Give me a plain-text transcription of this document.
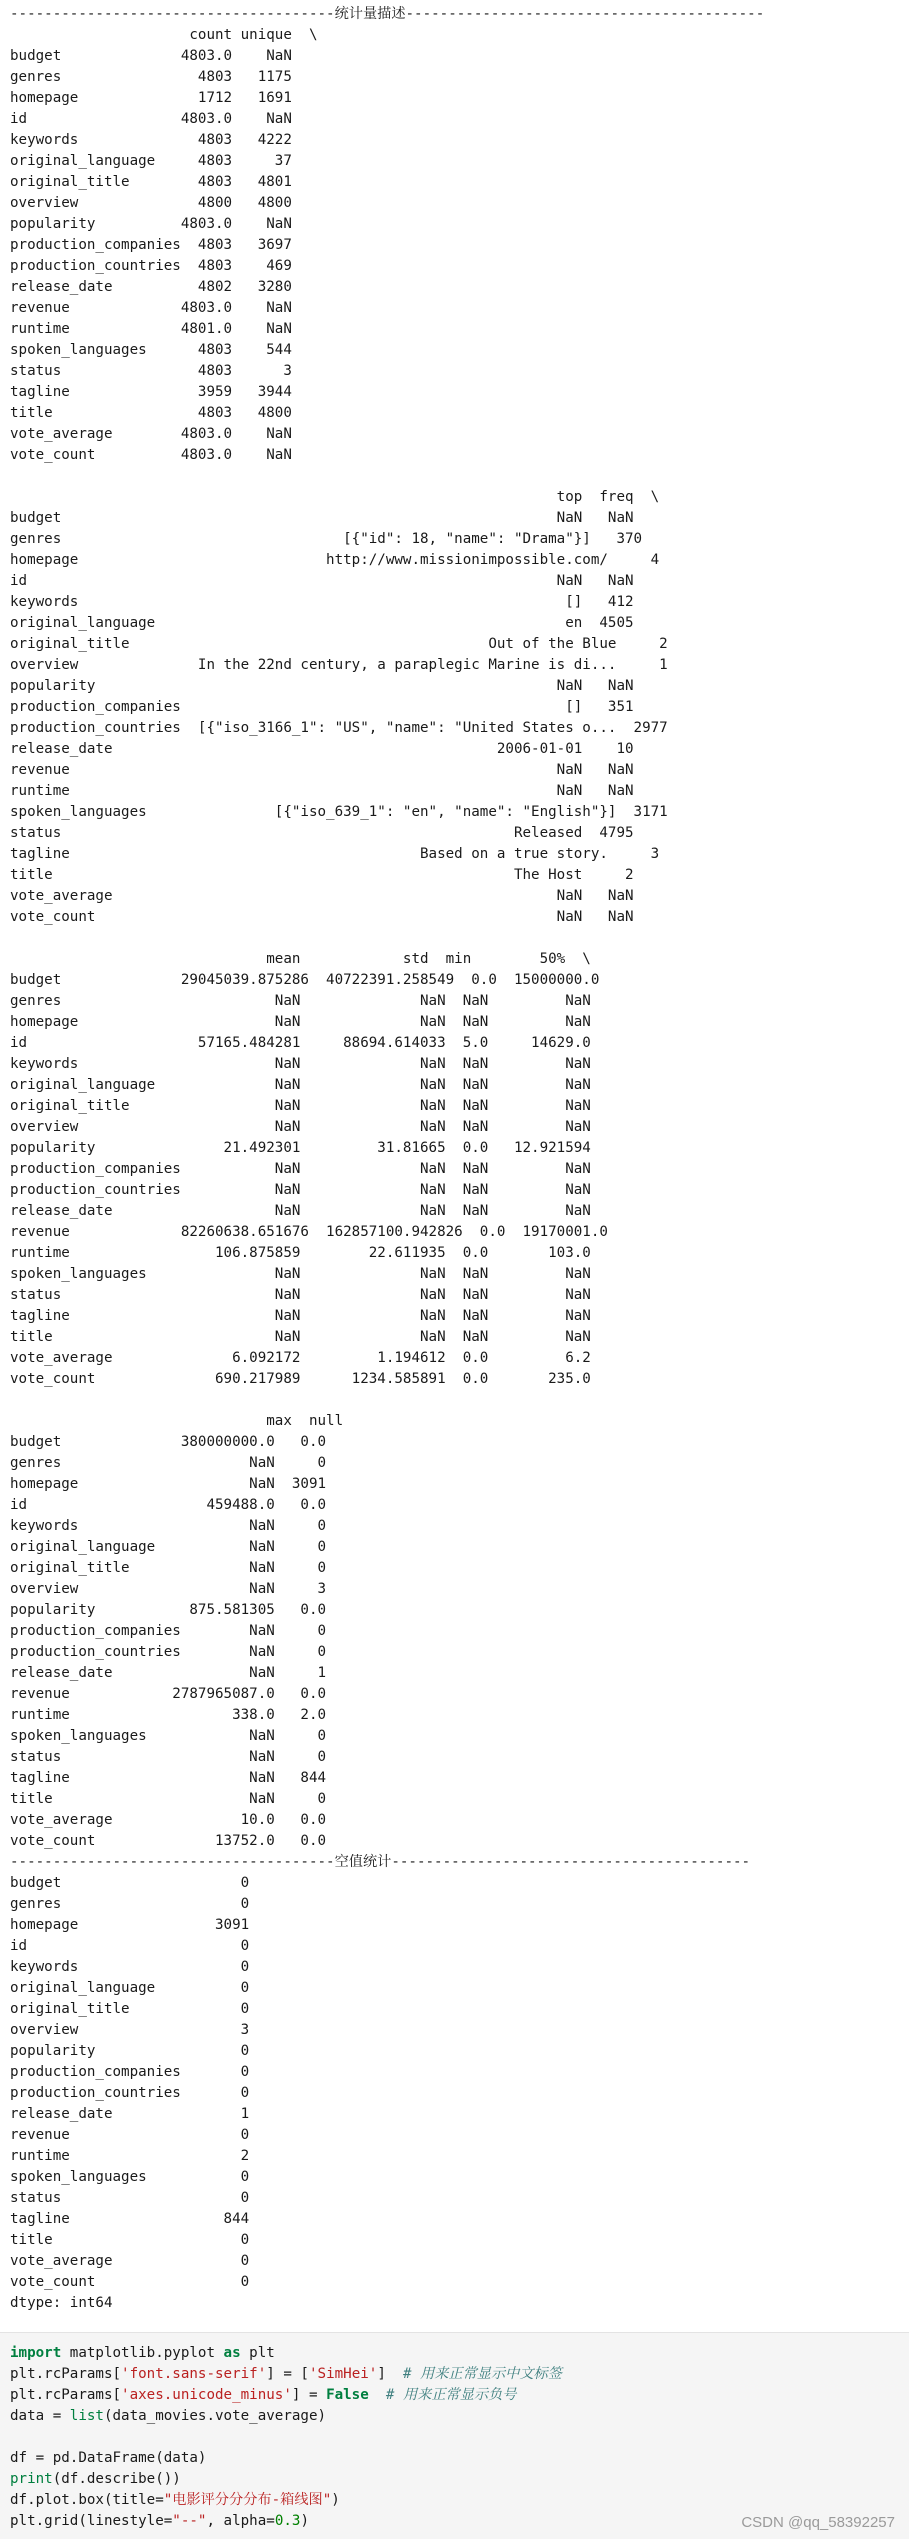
--------------------------------------统计量描述------------------------------------------
count unique  \
budget              4803.0    NaN
genres                4803   1175
homepage              1712   1691
id                  4803.0    NaN
keywords              4803   4222
original_language     4803     37
original_title        4803   4801
overview              4800   4800
popularity          4803.0    NaN
production_companies  4803   3697
production_countries  4803    469
release_date          4802   3280
revenue             4803.0    NaN
runtime             4801.0    NaN
spoken_languages      4803    544
status                4803      3
tagline               3959   3944
title                 4803   4800
vote_average        4803.0    NaN
vote_count          4803.0    NaN

top  freq  \
budget                                                          NaN   NaN
genres                                 [{"id": 18, "name": "Drama"}]   370
homepage                             http://www.missionimpossible.com/     4
id                                                              NaN   NaN
keywords                                                         []   412
original_language                                                en  4505
original_title                                          Out of the Blue     2
overview              In the 22nd century, a paraplegic Marine is di...     1
popularity                                                      NaN   NaN
production_companies                                             []   351
production_countries  [{"iso_3166_1": "US", "name": "United States o...  2977
release_date                                             2006-01-01    10
revenue                                                         NaN   NaN
runtime                                                         NaN   NaN
spoken_languages               [{"iso_639_1": "en", "name": "English"}]  3171
status                                                     Released  4795
tagline                                         Based on a true story.     3
title                                                      The Host     2
vote_average                                                    NaN   NaN
vote_count                                                      NaN   NaN

mean            std  min        50%  \
budget              29045039.875286  40722391.258549  0.0  15000000.0
genres                         NaN              NaN  NaN         NaN
homepage                       NaN              NaN  NaN         NaN
id                    57165.484281     88694.614033  5.0     14629.0
keywords                       NaN              NaN  NaN         NaN
original_language              NaN              NaN  NaN         NaN
original_title                 NaN              NaN  NaN         NaN
overview                       NaN              NaN  NaN         NaN
popularity               21.492301         31.81665  0.0   12.921594
production_companies           NaN              NaN  NaN         NaN
production_countries           NaN              NaN  NaN         NaN
release_date                   NaN              NaN  NaN         NaN
revenue             82260638.651676  162857100.942826  0.0  19170001.0
runtime                 106.875859        22.611935  0.0       103.0
spoken_languages               NaN              NaN  NaN         NaN
status                         NaN              NaN  NaN         NaN
tagline                        NaN              NaN  NaN         NaN
title                          NaN              NaN  NaN         NaN
vote_average              6.092172         1.194612  0.0         6.2
vote_count              690.217989      1234.585891  0.0       235.0

max  null
budget              380000000.0   0.0
genres                      NaN     0
homepage                    NaN  3091
id                     459488.0   0.0
keywords                    NaN     0
original_language           NaN     0
original_title              NaN     0
overview                    NaN     3
popularity           875.581305   0.0
production_companies        NaN     0
production_countries        NaN     0
release_date                NaN     1
revenue            2787965087.0   0.0
runtime                   338.0   2.0
spoken_languages            NaN     0
status                      NaN     0
tagline                     NaN   844
title                       NaN     0
vote_average               10.0   0.0
vote_count              13752.0   0.0
--------------------------------------空值统计------------------------------------------
budget                     0
genres                     0
homepage                3091
id                         0
keywords                   0
original_language          0
original_title             0
overview                   3
popularity                 0
production_companies       0
production_countries       0
release_date               1
revenue                    0
runtime                    2
spoken_languages           0
status                     0
tagline                  844
title                      0
vote_average               0
vote_count                 0
dtype: int64
import matplotlib.pyplot as plt
plt.rcParams['font.sans-serif'] = ['SimHei']  # 用来正常显示中文标签
plt.rcParams['axes.unicode_minus'] = False # 用来正常显示负号
data = list(data_movies.vote_average)

df = pd.DataFrame(data)
print(df.describe())
df.plot.box(title="电影评分分分布-箱线图")
plt.grid(linestyle="--", alpha=0.3)	CSDN @qq_58392257
